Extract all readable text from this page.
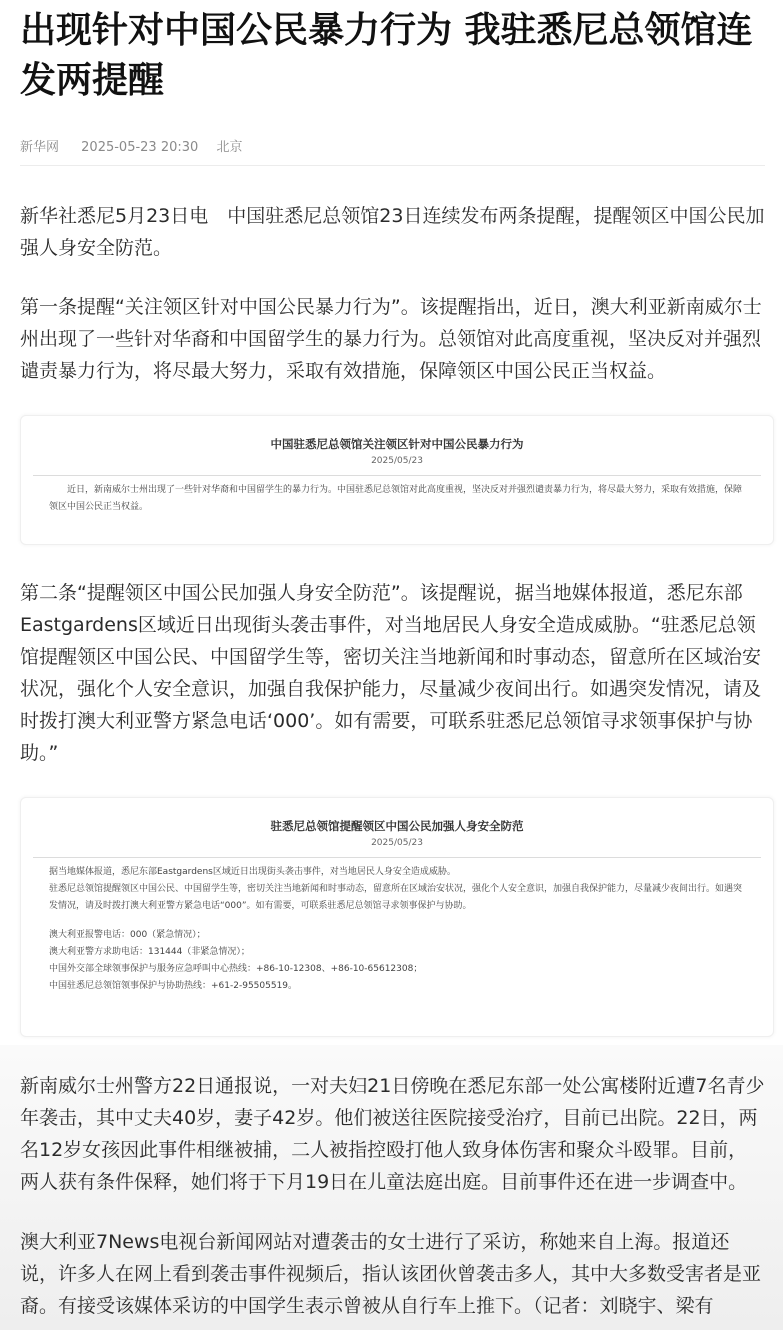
出现针对中国公民暴力行为 我驻悉尼总领馆连发两提醒
新华网 2025-05-23 20:30 北京

新华社悉尼5月23日电　中国驻悉尼总领馆23日连续发布两条提醒，提醒领区中国公民加强人身安全防范。

第一条提醒“关注领区针对中国公民暴力行为”。该提醒指出，近日，澳大利亚新南威尔士州出现了一些针对华裔和中国留学生的暴力行为。总领馆对此高度重视，坚决反对并强烈谴责暴力行为，将尽最大努力，采取有效措施，保障领区中国公民正当权益。

中国驻悉尼总领馆关注领区针对中国公民暴力行为
2025/05/23
近日，新南威尔士州出现了一些针对华裔和中国留学生的暴力行为。中国驻悉尼总领馆对此高度重视，坚决反对并强烈谴责暴力行为，将尽最大努力，采取有效措施，保障领区中国公民正当权益。

第二条“提醒领区中国公民加强人身安全防范”。该提醒说，据当地媒体报道，悉尼东部Eastgardens区域近日出现街头袭击事件，对当地居民人身安全造成威胁。“驻悉尼总领馆提醒领区中国公民、中国留学生等，密切关注当地新闻和时事动态，留意所在区域治安状况，强化个人安全意识，加强自我保护能力，尽量减少夜间出行。如遇突发情况，请及时拨打澳大利亚警方紧急电话‘000’。如有需要，可联系驻悉尼总领馆寻求领事保护与协助。”

驻悉尼总领馆提醒领区中国公民加强人身安全防范
2025/05/23

据当地媒体报道，悉尼东部Eastgardens区域近日出现街头袭击事件，对当地居民人身安全造成威胁。

驻悉尼总领馆提醒领区中国公民、中国留学生等，密切关注当地新闻和时事动态，留意所在区域治安状况，强化个人安全意识，加强自我保护能力，尽量减少夜间出行。如遇突发情况，请及时拨打澳大利亚警方紧急电话“000”。如有需要，可联系驻悉尼总领馆寻求领事保护与协助。

澳大利亚报警电话：000（紧急情况）；

澳大利亚警方求助电话：131444（非紧急情况）；

中国外交部全球领事保护与服务应急呼叫中心热线：+86-10-12308、+86-10-65612308；

中国驻悉尼总领馆领事保护与协助热线：+61-2-95505519。

新南威尔士州警方22日通报说，一对夫妇21日傍晚在悉尼东部一处公寓楼附近遭7名青少年袭击，其中丈夫40岁，妻子42岁。他们被送往医院接受治疗，目前已出院。22日，两名12岁女孩因此事件相继被捕，二人被指控殴打他人致身体伤害和聚众斗殴罪。目前，两人获有条件保释，她们将于下月19日在儿童法庭出庭。目前事件还在进一步调查中。

澳大利亚7News电视台新闻网站对遭袭击的女士进行了采访，称她来自上海。报道还说，许多人在网上看到袭击事件视频后，指认该团伙曾袭击多人，其中大多数受害者是亚裔。有接受该媒体采访的中国学生表示曾被从自行车上推下。（记者：刘晓宇、梁有
